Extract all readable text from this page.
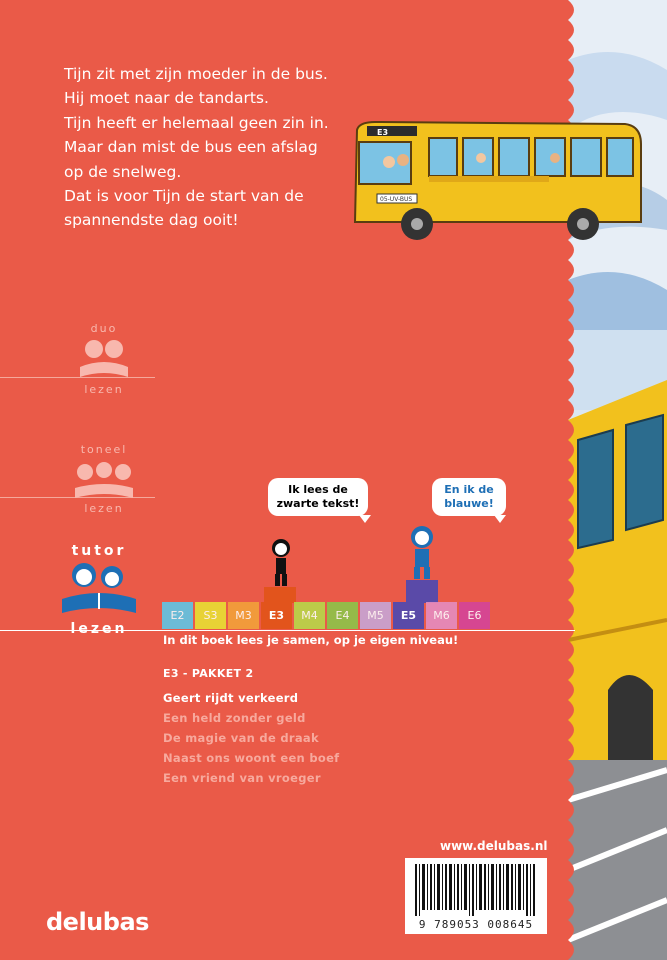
Tijn zit met zijn moeder in de bus.
Hij moet naar de tandarts.
Tijn heeft er helemaal geen zin in.
Maar dan mist de bus een afslag
op de snelweg.
Dat is voor Tijn de start van de
spannendste dag ooit!
E3
05-UV-BUS
duo
lezen
toneel
lezen
tutor
lezen
Ik lees de zwarte tekst!
En ik de blauwe!
E2	S3	M3	E3	M4	E4	M5	E5	M6	E6
In dit boek lees je samen, op je eigen niveau!
E3 - PAKKET 2
Geert rijdt verkeerd
Een held zonder geld
De magie van de draak
Naast ons woont een boef
Een vriend van vroeger
www.delubas.nl
9 789053 008645
delubas
